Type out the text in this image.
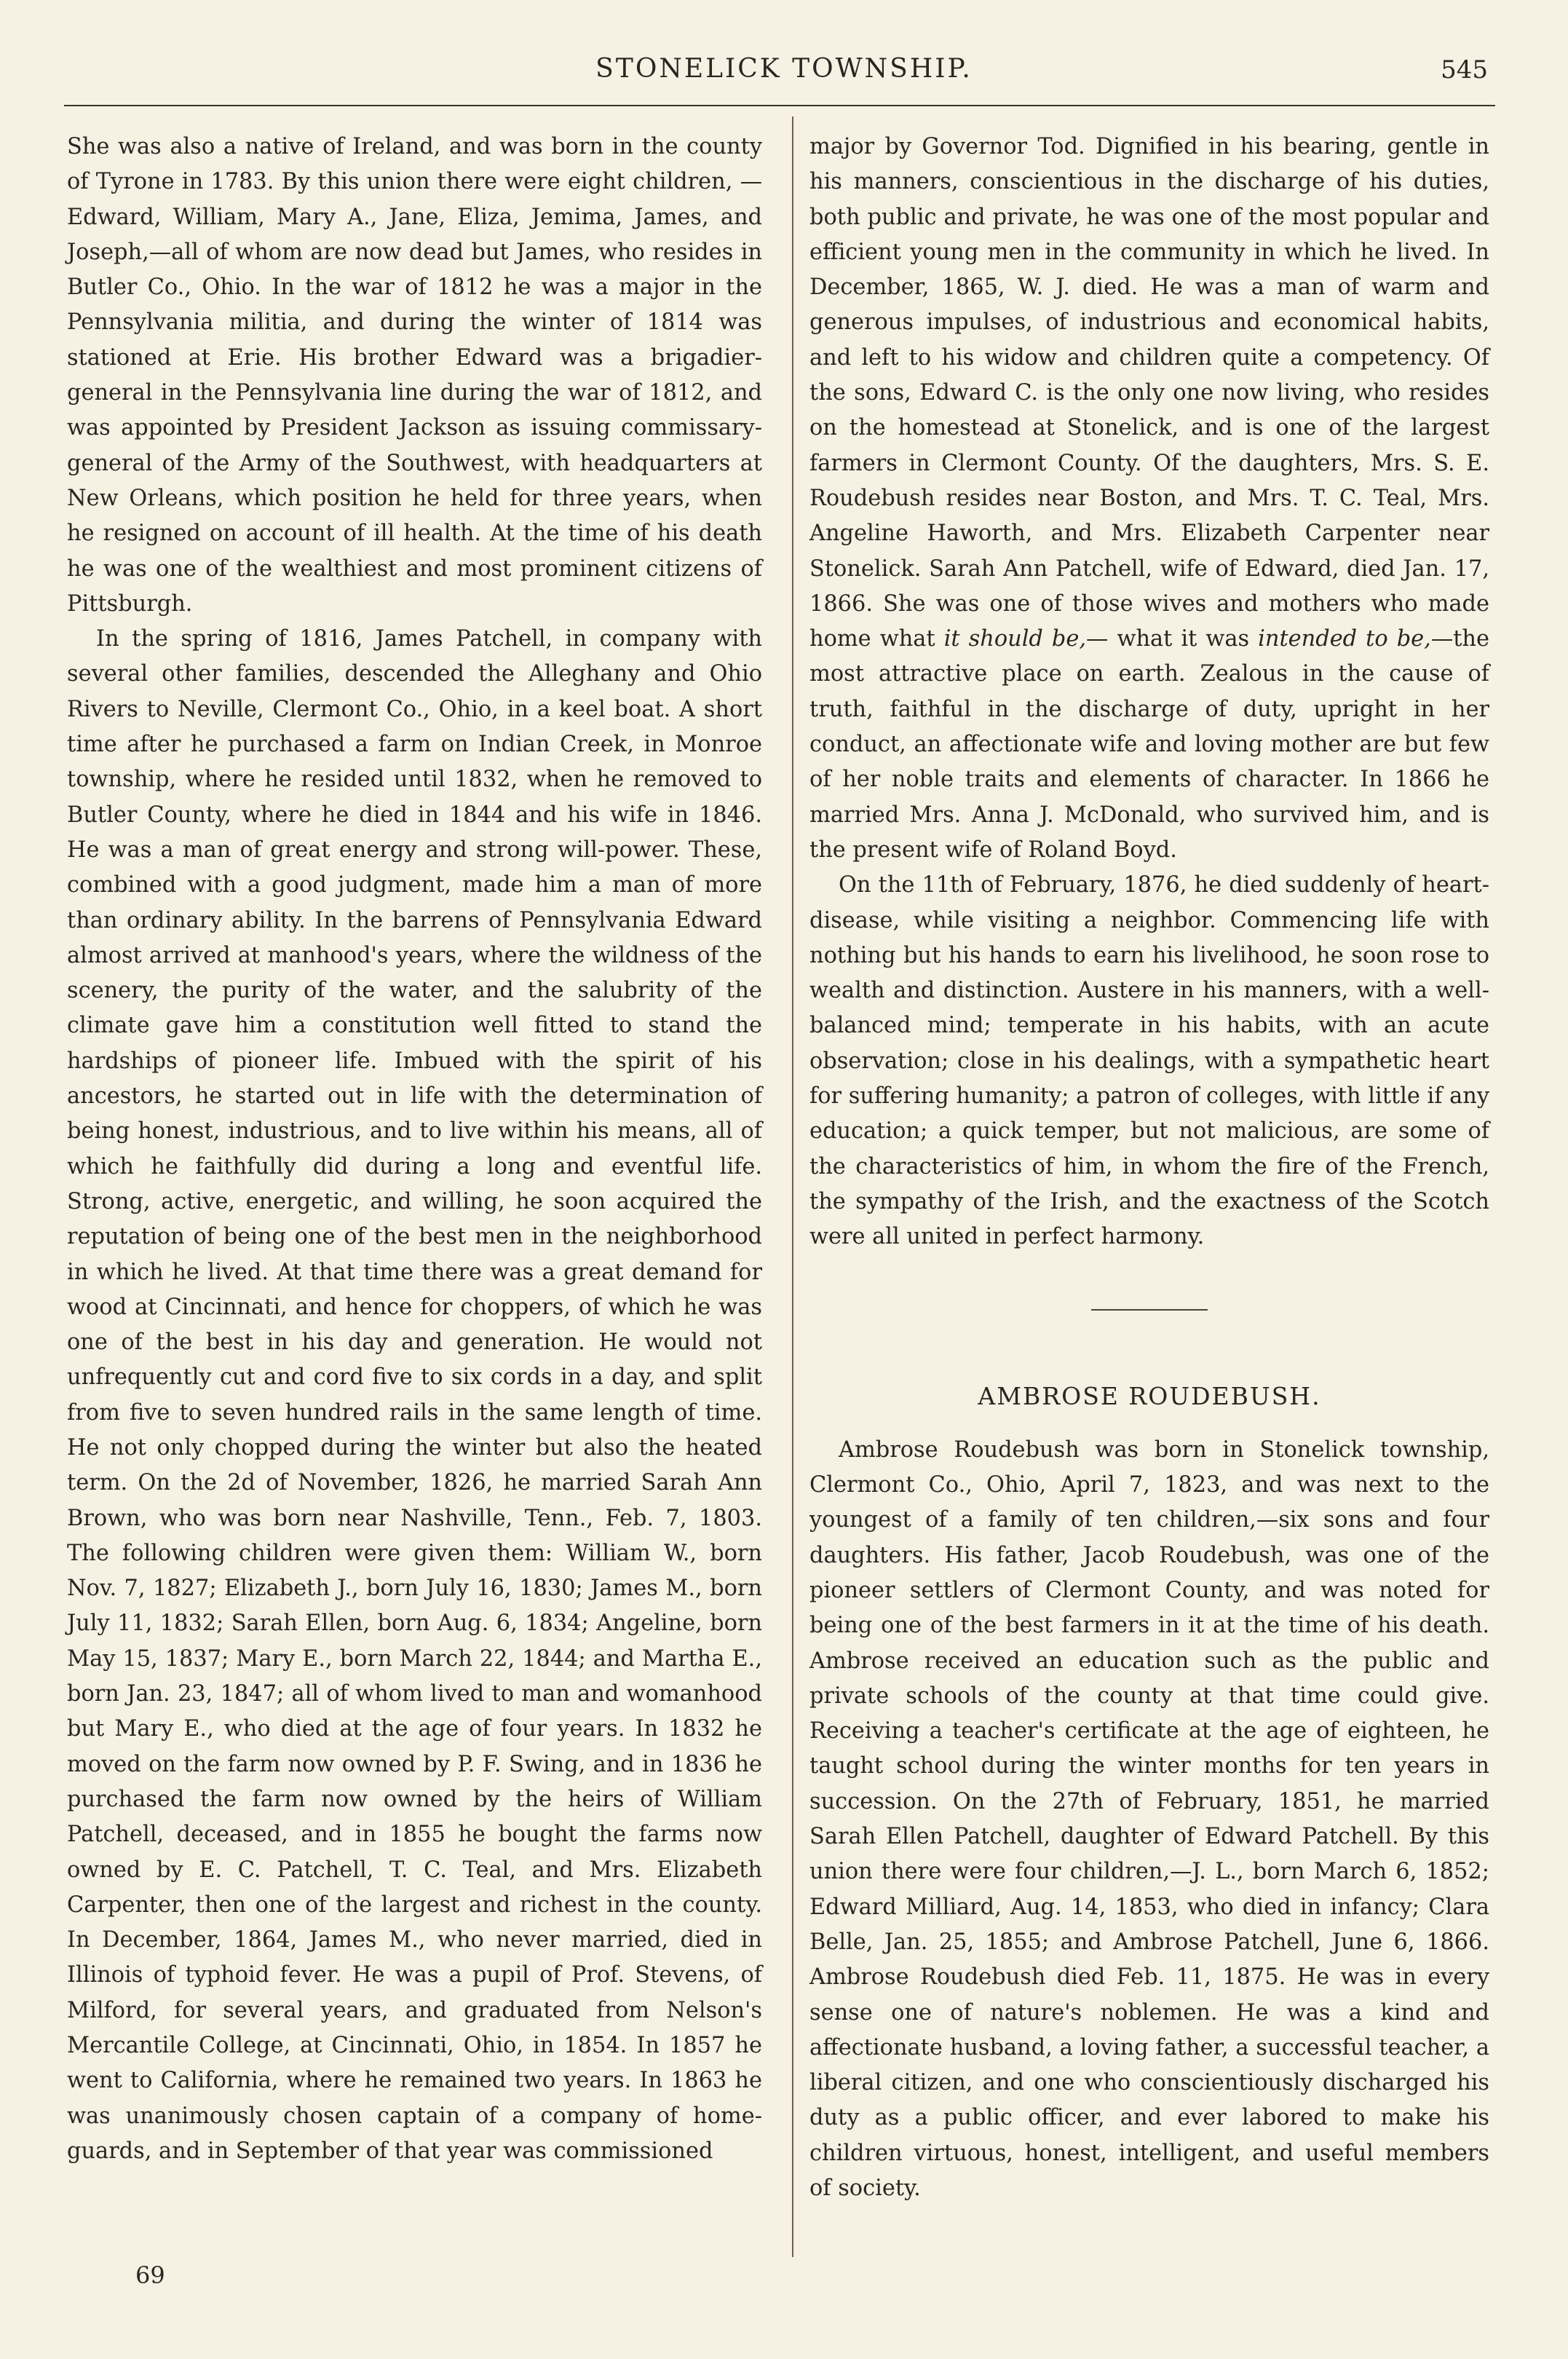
STONELICK TOWNSHIP.	545

She was also a native of Ireland, and was born in the county of Tyrone in 1783. By this union there were eight children, —Edward, William, Mary A., Jane, Eliza, Jemima, James, and Joseph,—all of whom are now dead but James, who resides in Butler Co., Ohio. In the war of 1812 he was a major in the Pennsylvania militia, and during the winter of 1814 was stationed at Erie. His brother Edward was a brigadier-general in the Pennsylvania line during the war of 1812, and was appointed by President Jackson as issuing commissary-general of the Army of the Southwest, with headquarters at New Orleans, which position he held for three years, when he resigned on account of ill health. At the time of his death he was one of the wealthiest and most prominent citizens of Pittsburgh.

In the spring of 1816, James Patchell, in company with several other families, descended the Alleghany and Ohio Rivers to Neville, Clermont Co., Ohio, in a keel boat. A short time after he purchased a farm on Indian Creek, in Monroe township, where he resided until 1832, when he removed to Butler County, where he died in 1844 and his wife in 1846. He was a man of great energy and strong will-power. These, combined with a good judgment, made him a man of more than ordinary ability. In the barrens of Pennsylvania Edward almost arrived at manhood's years, where the wildness of the scenery, the purity of the water, and the salubrity of the climate gave him a constitution well fitted to stand the hardships of pioneer life. Imbued with the spirit of his ancestors, he started out in life with the determination of being honest, industrious, and to live within his means, all of which he faithfully did during a long and eventful life. Strong, active, energetic, and willing, he soon acquired the reputation of being one of the best men in the neighborhood in which he lived. At that time there was a great demand for wood at Cincinnati, and hence for choppers, of which he was one of the best in his day and generation. He would not unfrequently cut and cord five to six cords in a day, and split from five to seven hundred rails in the same length of time. He not only chopped during the winter but also the heated term. On the 2d of November, 1826, he married Sarah Ann Brown, who was born near Nashville, Tenn., Feb. 7, 1803. The following children were given them: William W., born Nov. 7, 1827; Elizabeth J., born July 16, 1830; James M., born July 11, 1832; Sarah Ellen, born Aug. 6, 1834; Angeline, born May 15, 1837; Mary E., born March 22, 1844; and Martha E., born Jan. 23, 1847; all of whom lived to man and womanhood but Mary E., who died at the age of four years. In 1832 he moved on the farm now owned by P. F. Swing, and in 1836 he purchased the farm now owned by the heirs of William Patchell, deceased, and in 1855 he bought the farms now owned by E. C. Patchell, T. C. Teal, and Mrs. Elizabeth Carpenter, then one of the largest and richest in the county. In December, 1864, James M., who never married, died in Illinois of typhoid fever. He was a pupil of Prof. Stevens, of Milford, for several years, and graduated from Nelson's Mercantile College, at Cincinnati, Ohio, in 1854. In 1857 he went to California, where he remained two years. In 1863 he was unanimously chosen captain of a company of home-guards, and in September of that year was commissioned

major by Governor Tod. Dignified in his bearing, gentle in his manners, conscientious in the discharge of his duties, both public and private, he was one of the most popular and efficient young men in the community in which he lived. In December, 1865, W. J. died. He was a man of warm and generous impulses, of industrious and economical habits, and left to his widow and children quite a competency. Of the sons, Edward C. is the only one now living, who resides on the homestead at Stonelick, and is one of the largest farmers in Clermont County. Of the daughters, Mrs. S. E. Roudebush resides near Boston, and Mrs. T. C. Teal, Mrs. Angeline Haworth, and Mrs. Elizabeth Carpenter near Stonelick. Sarah Ann Patchell, wife of Edward, died Jan. 17, 1866. She was one of those wives and mothers who made home what it should be,— what it was intended to be,—the most attractive place on earth. Zealous in the cause of truth, faithful in the discharge of duty, upright in her conduct, an affectionate wife and loving mother are but few of her noble traits and elements of character. In 1866 he married Mrs. Anna J. McDonald, who survived him, and is the present wife of Roland Boyd.

On the 11th of February, 1876, he died suddenly of heart-disease, while visiting a neighbor. Commencing life with nothing but his hands to earn his livelihood, he soon rose to wealth and distinction. Austere in his manners, with a well-balanced mind; temperate in his habits, with an acute observation; close in his dealings, with a sympathetic heart for suffering humanity; a patron of colleges, with little if any education; a quick temper, but not malicious, are some of the characteristics of him, in whom the fire of the French, the sympathy of the Irish, and the exactness of the Scotch were all united in perfect harmony.

AMBROSE ROUDEBUSH.

Ambrose Roudebush was born in Stonelick township, Clermont Co., Ohio, April 7, 1823, and was next to the youngest of a family of ten children,—six sons and four daughters. His father, Jacob Roudebush, was one of the pioneer settlers of Clermont County, and was noted for being one of the best farmers in it at the time of his death. Ambrose received an education such as the public and private schools of the county at that time could give. Receiving a teacher's certificate at the age of eighteen, he taught school during the winter months for ten years in succession. On the 27th of February, 1851, he married Sarah Ellen Patchell, daughter of Edward Patchell. By this union there were four children,—J. L., born March 6, 1852; Edward Milliard, Aug. 14, 1853, who died in infancy; Clara Belle, Jan. 25, 1855; and Ambrose Patchell, June 6, 1866. Ambrose Roudebush died Feb. 11, 1875. He was in every sense one of nature's noblemen. He was a kind and affectionate husband, a loving father, a successful teacher, a liberal citizen, and one who conscientiously discharged his duty as a public officer, and ever labored to make his children virtuous, honest, intelligent, and useful members of society.

69
